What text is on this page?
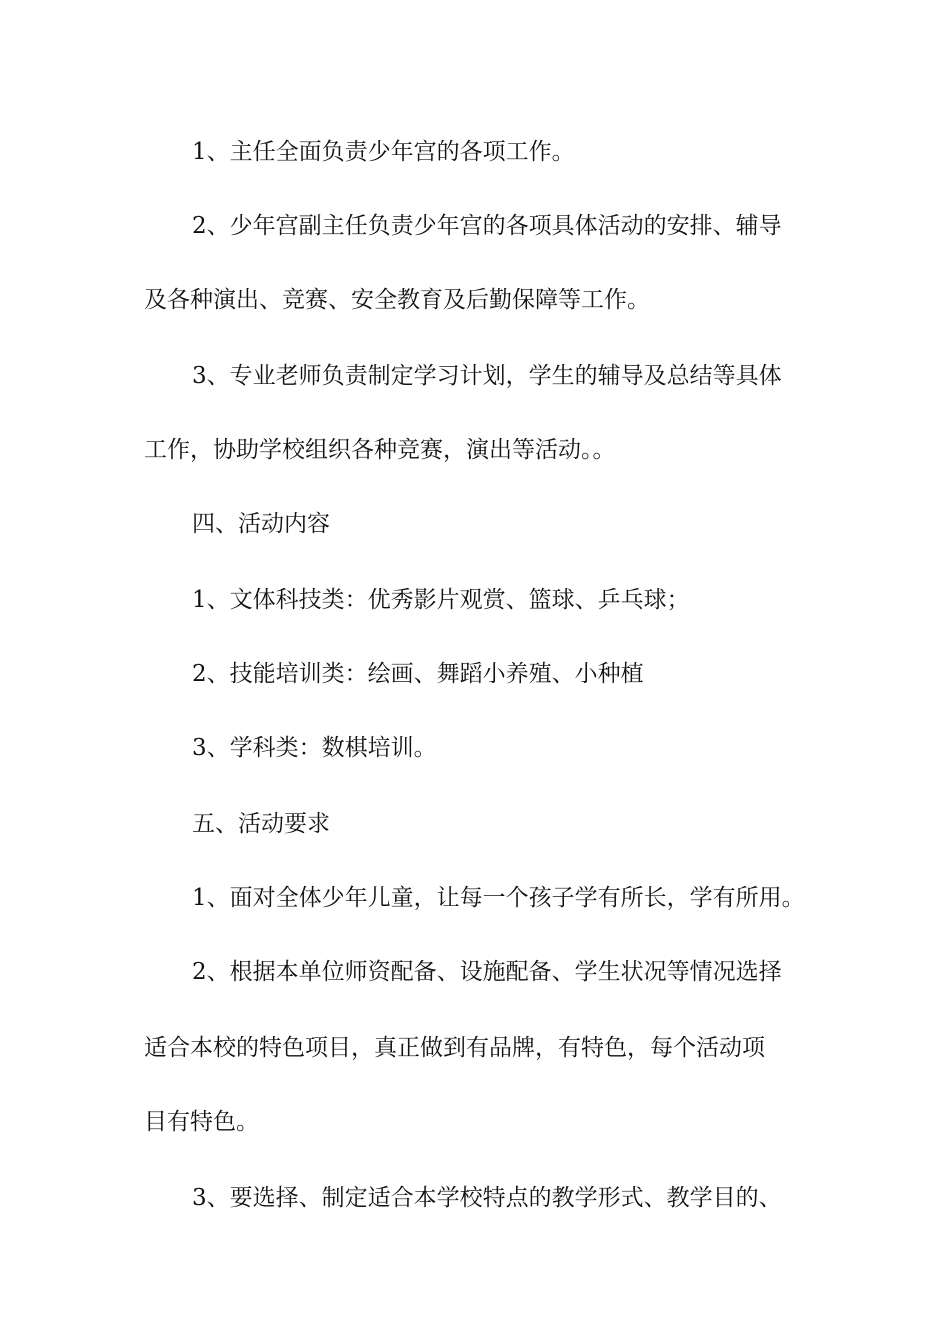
1、主任全面负责少年宫的各项工作。
2、少年宫副主任负责少年宫的各项具体活动的安排、辅导
及各种演出、竞赛、安全教育及后勤保障等工作。
3、专业老师负责制定学习计划，学生的辅导及总结等具体
工作，协助学校组织各种竞赛，演出等活动。。
四、活动内容
1、文体科技类：优秀影片观赏、篮球、乒乓球；
2、技能培训类：绘画、舞蹈小养殖、小种植
3、学科类：数棋培训。
五、活动要求
1、面对全体少年儿童，让每一个孩子学有所长，学有所用。
2、根据本单位师资配备、设施配备、学生状况等情况选择
适合本校的特色项目，真正做到有品牌，有特色，每个活动项
目有特色。
3、要选择、制定适合本学校特点的教学形式、教学目的、
